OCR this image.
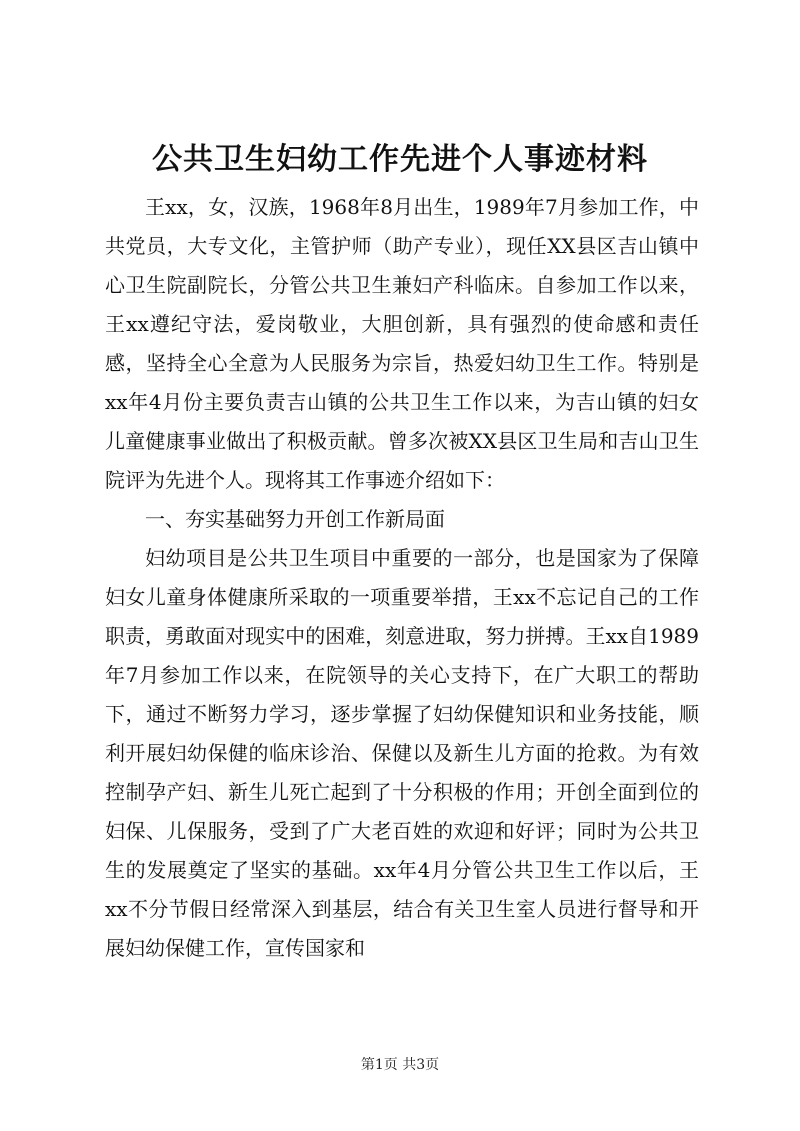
公共卫生妇幼工作先进个人事迹材料

王xx，女，汉族，1968年8月出生，1989年7月参加工作，中共党员，大专文化，主管护师（助产专业），现任XX县区吉山镇中心卫生院副院长，分管公共卫生兼妇产科临床。自参加工作以来，王xx遵纪守法，爱岗敬业，大胆创新，具有强烈的使命感和责任感，坚持全心全意为人民服务为宗旨，热爱妇幼卫生工作。特别是xx年4月份主要负责吉山镇的公共卫生工作以来，为吉山镇的妇女儿童健康事业做出了积极贡献。曾多次被XX县区卫生局和吉山卫生院评为先进个人。现将其工作事迹介绍如下：

一、夯实基础努力开创工作新局面

妇幼项目是公共卫生项目中重要的一部分，也是国家为了保障妇女儿童身体健康所采取的一项重要举措，王xx不忘记自己的工作职责，勇敢面对现实中的困难，刻意进取，努力拼搏。王xx自1989年7月参加工作以来，在院领导的关心支持下，在广大职工的帮助下，通过不断努力学习，逐步掌握了妇幼保健知识和业务技能，顺利开展妇幼保健的临床诊治、保健以及新生儿方面的抢救。为有效控制孕产妇、新生儿死亡起到了十分积极的作用；开创全面到位的妇保、儿保服务，受到了广大老百姓的欢迎和好评；同时为公共卫生的发展奠定了坚实的基础。xx年4月分管公共卫生工作以后，王xx不分节假日经常深入到基层，结合有关卫生室人员进行督导和开展妇幼保健工作，宣传国家和

第1页 共3页
